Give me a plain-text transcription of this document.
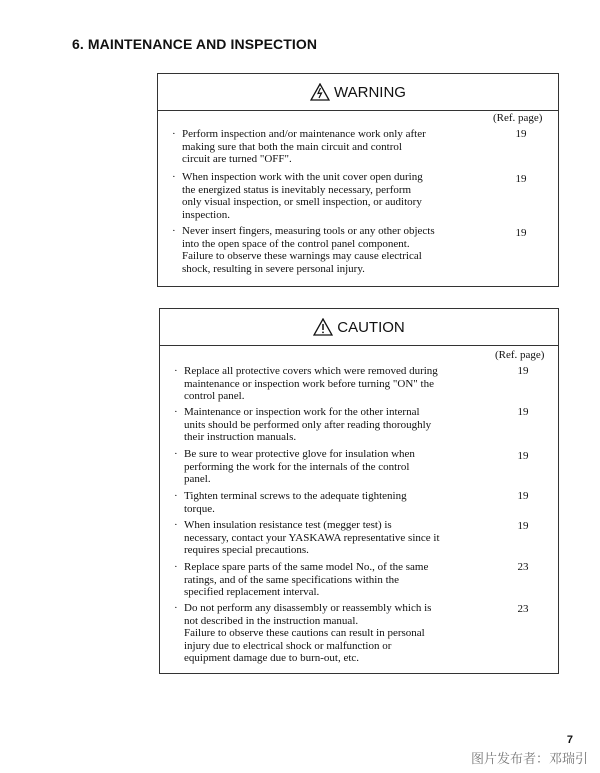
6. MAINTENANCE AND INSPECTION
WARNING
(Ref. page)
· Perform inspection and/or maintenance work only after
making sure that both the main circuit and control
circuit are turned "OFF".
19
· When inspection work with the unit cover open during
the energized status is inevitably necessary, perform
only visual inspection, or smell inspection, or auditory
inspection.
19
· Never insert fingers, measuring tools or any other objects
into the open space of the control panel component.
Failure to observe these warnings may cause electrical
shock, resulting in severe personal injury.
19
CAUTION
(Ref. page)
· Replace all protective covers which were removed during
maintenance or inspection work before turning "ON" the
control panel.
19
· Maintenance or inspection work for the other internal
units should be performed only after reading thoroughly
their instruction manuals.
19
· Be sure to wear protective glove for insulation when
performing the work for the internals of the control
panel.
19
· Tighten terminal screws to the adequate tightening
torque.
19
· When insulation resistance test (megger test) is
necessary, contact your YASKAWA representative since it
requires special precautions.
19
· Replace spare parts of the same model No., of the same
ratings, and of the same specifications within the
specified replacement interval.
23
· Do not perform any disassembly or reassembly which is
not described in the instruction manual.
Failure to observe these cautions can result in personal
injury due to electrical shock or malfunction or
equipment damage due to burn-out, etc.
23
7
图片发布者：邓瑞引
